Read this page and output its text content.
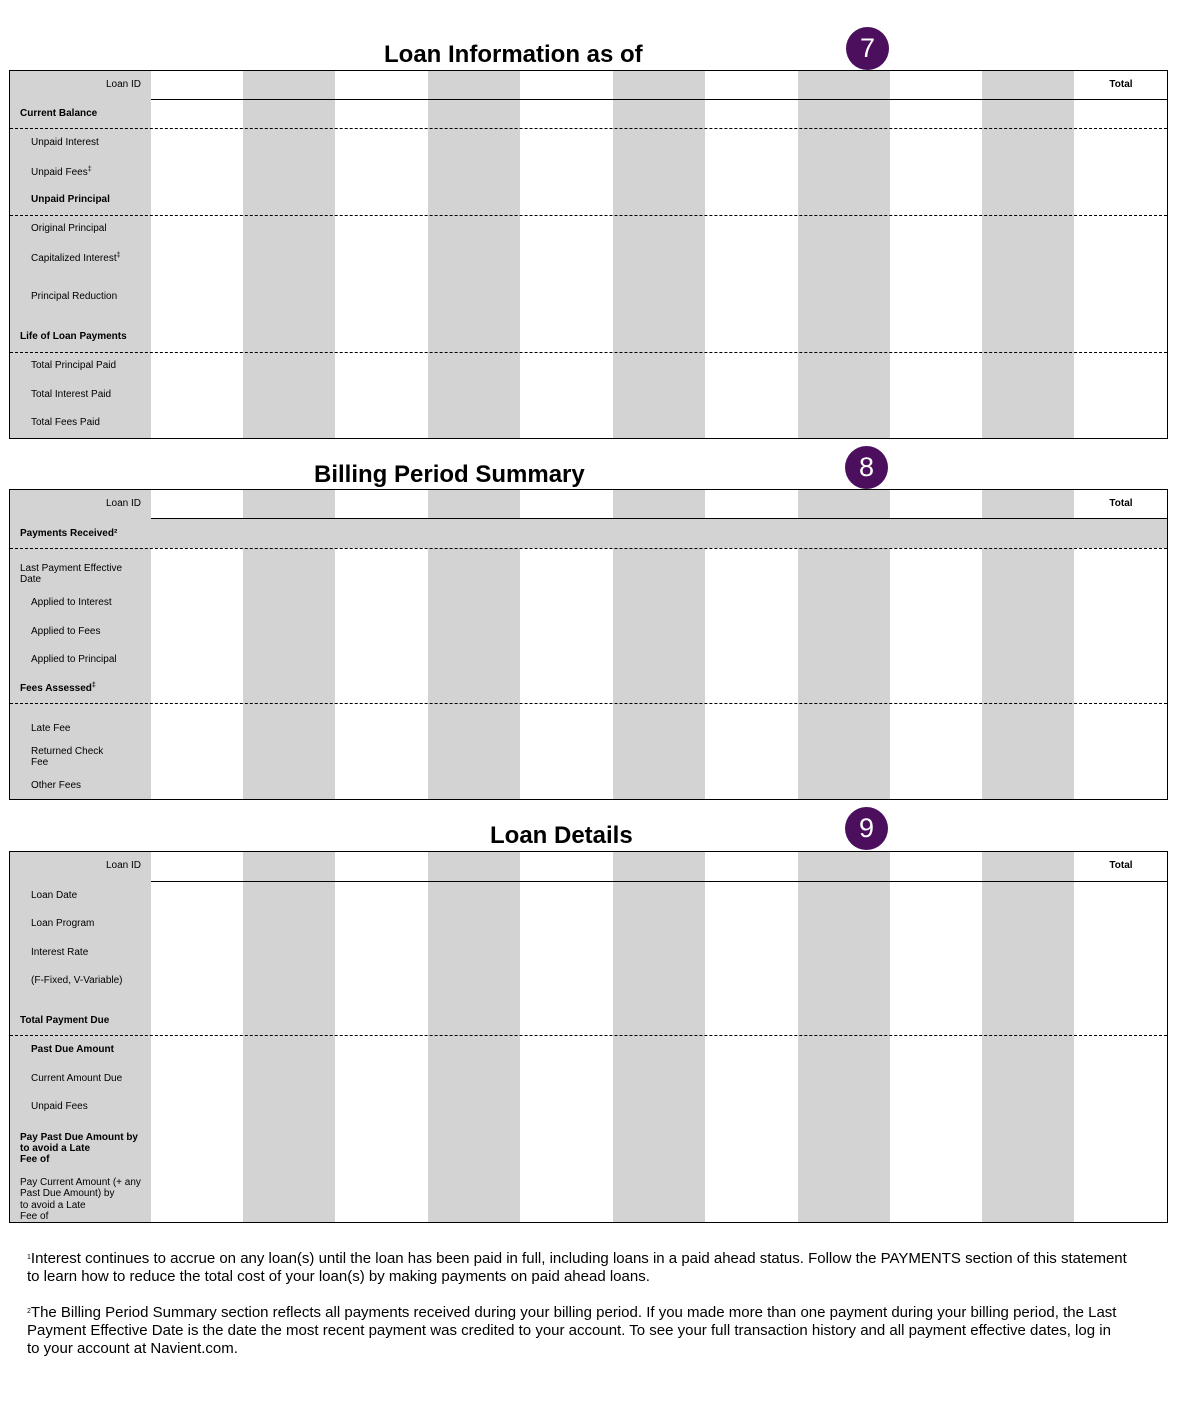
Loan Information as of	7
Loan ID	Total
Current Balance
Unpaid Interest
Unpaid Fees‡
Unpaid Principal
Original Principal
Capitalized Interest‡
Principal Reduction
Life of Loan Payments
Total Principal Paid
Total Interest Paid
Total Fees Paid
Billing Period Summary	8
Loan ID	Total
Payments Received²
Last Payment Effective
Date
Applied to Interest
Applied to Fees
Applied to Principal
Fees Assessed‡
Late Fee
Returned Check
Fee
Other Fees
Loan Details	9
Loan ID	Total
Loan Date
Loan Program
Interest Rate
(F-Fixed, V-Variable)
Total Payment Due
Past Due Amount
Current Amount Due
Unpaid Fees
Pay Past Due Amount by
to avoid a Late
Fee of
Pay Current Amount (+ any
Past Due Amount) by
to avoid a Late
Fee of

$^1$Interest continues to accrue on any loan(s) until the loan has been paid in full, including loans in a paid ahead status. Follow the PAYMENTS section of this statement to learn how to reduce the total cost of your loan(s) by making payments on paid ahead loans.

$^2$The Billing Period Summary section reflects all payments received during your billing period. If you made more than one payment during your billing period, the Last Payment Effective Date is the date the most recent payment was credited to your account. To see your full transaction history and all payment effective dates, log in to your account at Navient.com.
